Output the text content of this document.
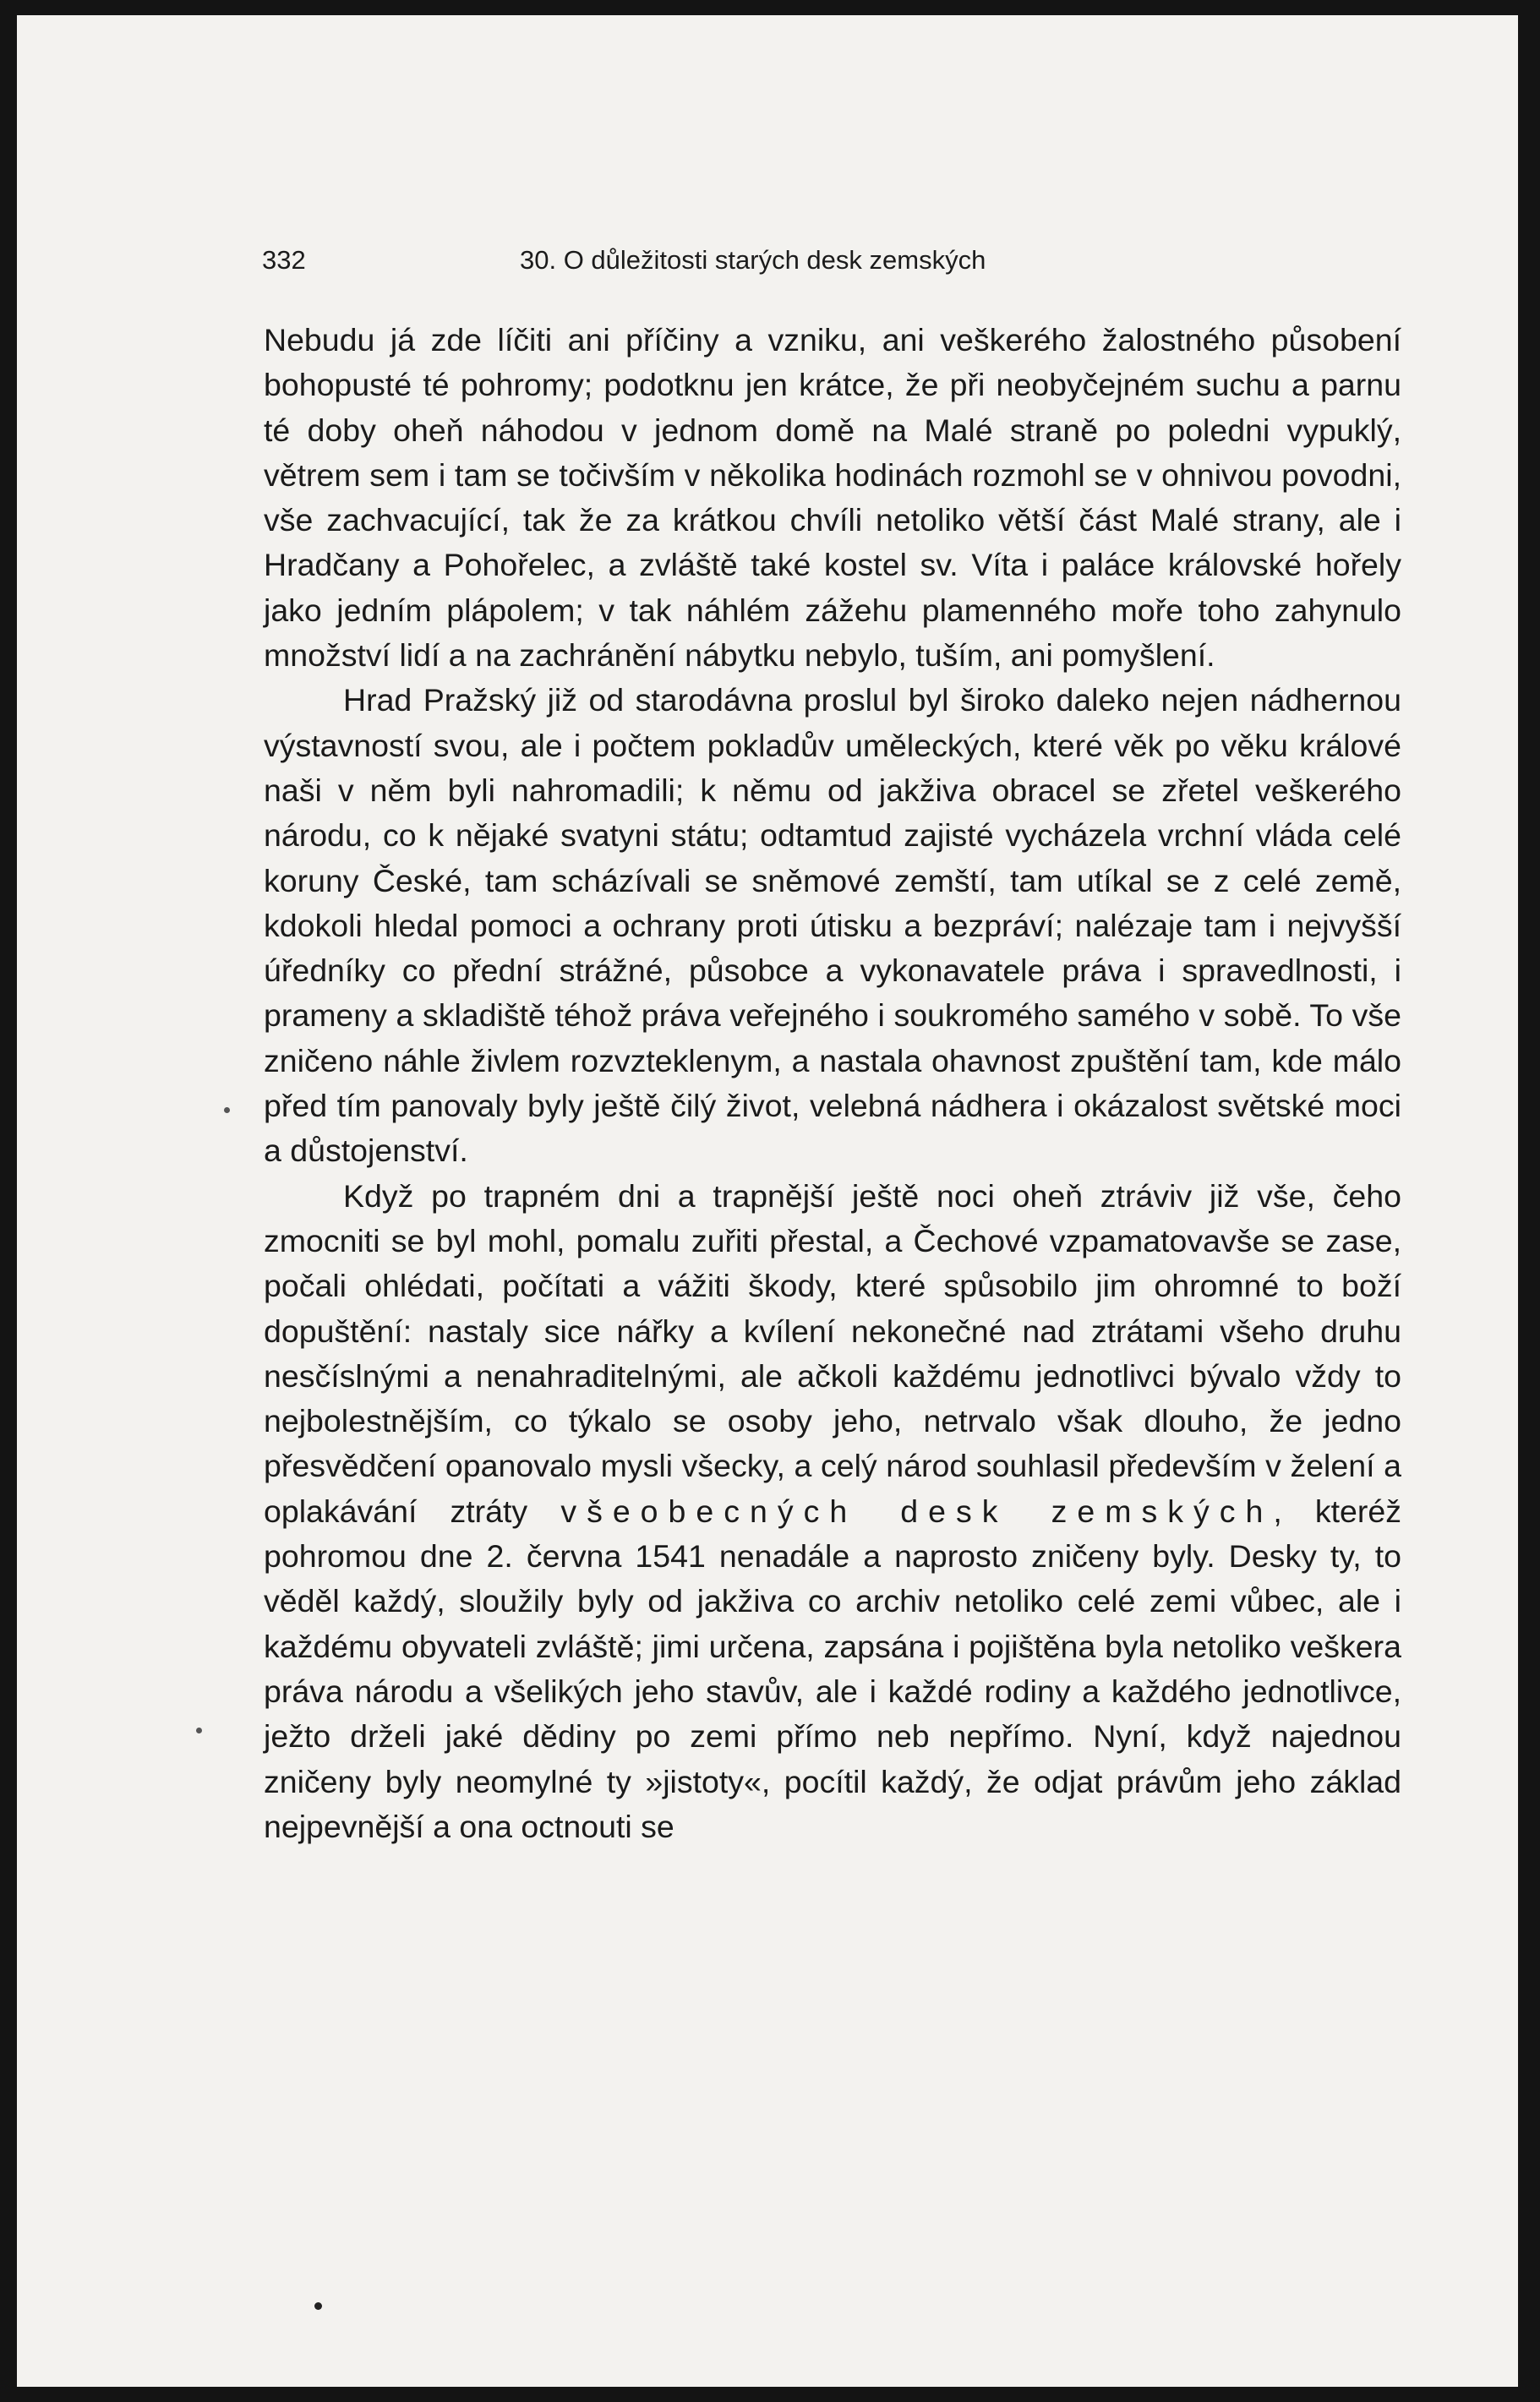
332	30. O důležitosti starých desk zemských

Nebudu já zde líčiti ani příčiny a vzniku, ani veškerého žalostného působení bohopusté té pohromy; podotknu jen krátce, že při neobyčejném suchu a parnu té doby oheň náhodou v jednom domě na Malé straně po poledni vypuklý, větrem sem i tam se točivším v několika hodinách rozmohl se v ohnivou povodni, vše zachvacující, tak že za krátkou chvíli netoliko větší část Malé strany, ale i Hradčany a Pohořelec, a zvláště také kostel sv. Víta i paláce královské hořely jako jedním plápolem; v tak náhlém zážehu plamenného moře toho zahynulo množství lidí a na zachránění nábytku nebylo, tuším, ani pomyšlení.

Hrad Pražský již od starodávna proslul byl široko daleko nejen nádhernou výstavností svou, ale i počtem pokladův uměleckých, které věk po věku králové naši v něm byli nahromadili; k němu od jakživa obracel se zřetel veškerého národu, co k nějaké svatyni státu; odtamtud zajisté vycházela vrchní vláda celé koruny České, tam scházívali se sněmové zemští, tam utíkal se z celé země, kdokoli hledal pomoci a ochrany proti útisku a bezpráví; nalézaje tam i nejvyšší úředníky co přední strážné, působce a vykonavatele práva i spravedlnosti, i prameny a skladiště téhož práva veřejného i soukromého samého v sobě. To vše zničeno náhle živlem rozvzteklenym, a nastala ohavnost zpuštění tam, kde málo před tím panovaly byly ještě čilý život, velebná nádhera i okázalost světské moci a důstojenství.

Když po trapném dni a trapnější ještě noci oheň ztráviv již vše, čeho zmocniti se byl mohl, pomalu zuřiti přestal, a Čechové vzpamatovavše se zase, počali ohlédati, počítati a vážiti škody, které spůsobilo jim ohromné to boží dopuštění: nastaly sice nářky a kvílení nekonečné nad ztrátami všeho druhu nesčíslnými a nenahraditelnými, ale ačkoli každému jednotlivci bývalo vždy to nejbolestnějším, co týkalo se osoby jeho, netrvalo však dlouho, že jedno přesvědčení opanovalo mysli všecky, a celý národ souhlasil především v želení a oplakávání ztráty všeobecných desk zemských, kteréž pohromou dne 2. června 1541 nenadále a naprosto zničeny byly. Desky ty, to věděl každý, sloužily byly od jakživa co archiv netoliko celé zemi vůbec, ale i každému obyvateli zvláště; jimi určena, zapsána i pojištěna byla netoliko veškera práva národu a všelikých jeho stavův, ale i každé rodiny a každého jednotlivce, ježto drželi jaké dědiny po zemi přímo neb nepřímo. Nyní, když najednou zničeny byly neomylné ty »jistoty«, pocítil každý, že odjat právům jeho základ nejpevnější a ona octnouti se
